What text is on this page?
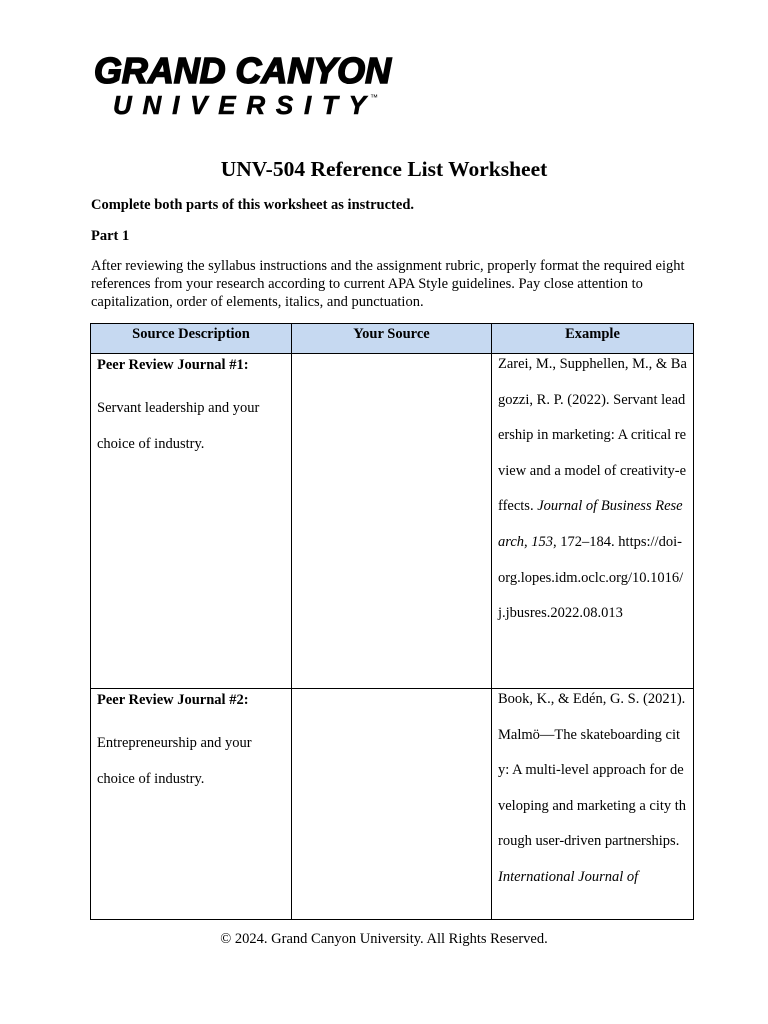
GRAND CANYON
UNIVERSITY ™
UNV-504 Reference List Worksheet

Complete both parts of this worksheet as instructed.

Part 1

After reviewing the syllabus instructions and the assignment rubric, properly format the required eight references from your research according to current APA Style guidelines. Pay close attention to capitalization, order of elements, italics, and punctuation.

Source Description	Your Source	Example

Peer Review Journal #1:

Servant leadership and your choice of industry.		Zarei, M., Supphellen, M., & Bagozzi, R. P. (2022). Servant leadership in marketing: A critical review and a model of creativity-effects. Journal of Business Research, 153, 172–184. https://doi-org.lopes.idm.oclc.org/10.1016/j.jbusres.2022.08.013

Peer Review Journal #2:

Entrepreneurship and your choice of industry.		Book, K., & Edén, G. S. (2021). Malmö—The skateboarding city: A multi-level approach for developing and marketing a city through user-driven partnerships. International Journal of

© 2024. Grand Canyon University. All Rights Reserved.
